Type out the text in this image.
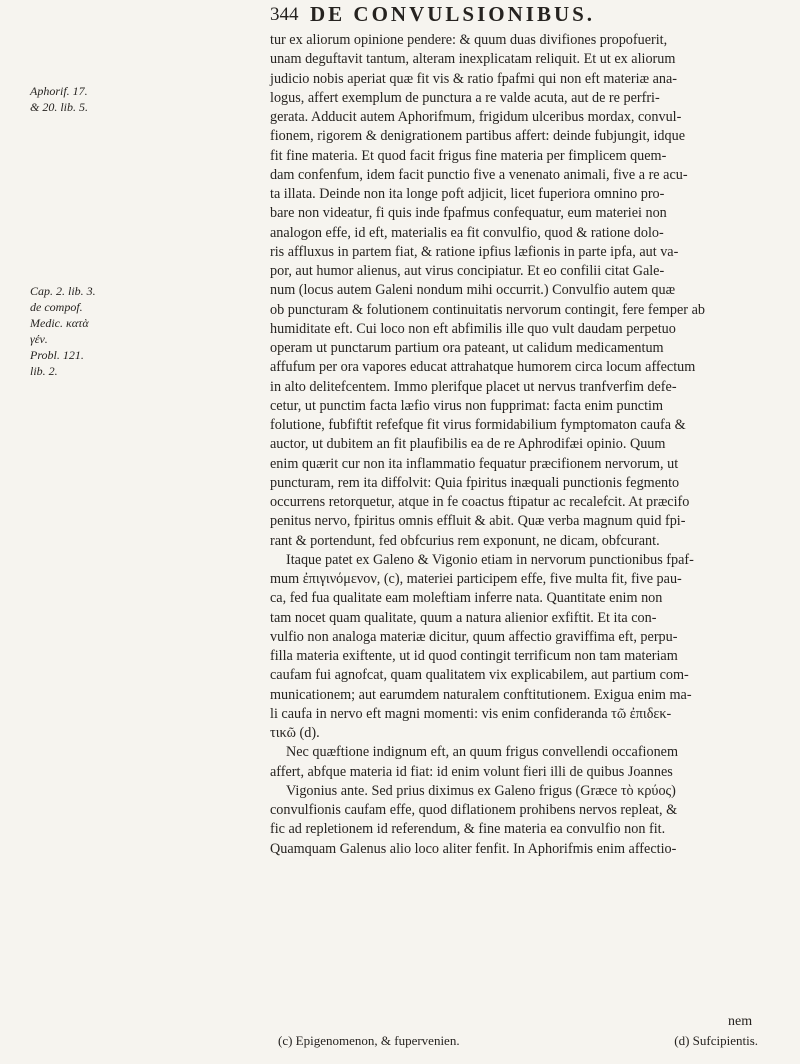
344 DE CONVULSIONIBUS.
Aphorif. 17.
& 20. lib. 5.
Cap. 2. lib. 3.
de compof.
Medic. κατὰ
γέν.
Probl. 121.
lib. 2.
tur ex aliorum opinione pendere: & quum duas divifiones propofuerit,
unam deguftavit tantum, alteram inexplicatam reliquit. Et ut ex aliorum
judicio nobis aperiat quæ fit vis & ratio fpafmi qui non eft materiæ ana-
logus, affert exemplum de punctura a re valde acuta, aut de re perfri-
gerata. Adducit autem Aphorifmum, frigidum ulceribus mordax, convul-
fionem, rigorem & denigrationem partibus affert: deinde fubjungit, idque
fit fine materia. Et quod facit frigus fine materia per fimplicem quem-
dam confenfum, idem facit punctio five a venenato animali, five a re acu-
ta illata. Deinde non ita longe poft adjicit, licet fuperiora omnino pro-
bare non videatur, fi quis inde fpafmus confequatur, eum materiei non
analogon effe, id eft, materialis ea fit convulfio, quod & ratione dolo-
ris affluxus in partem fiat, & ratione ipfius læfionis in parte ipfa, aut va-
por, aut humor alienus, aut virus concipiatur. Et eo confilii citat Gale-
num (locus autem Galeni nondum mihi occurrit.) Convulfio autem quæ
ob puncturam & folutionem continuitatis nervorum contingit, fere femper ab
humiditate eft. Cui loco non eft abfimilis ille quo vult daudam perpetuo
operam ut punctarum partium ora pateant, ut calidum medicamentum
affufum per ora vapores educat attrahatque humorem circa locum affectum
in alto delitefcentem. Immo plerifque placet ut nervus tranfverfim defe-
cetur, ut punctim facta læfio virus non fupprimat: facta enim punctim
folutione, fubfiftit refefque fit virus formidabilium fymptomaton caufa &
auctor, ut dubitem an fit plaufibilis ea de re Aphrodifæi opinio. Quum
enim quærit cur non ita inflammatio fequatur præcifionem nervorum, ut
puncturam, rem ita diffolvit: Quia fpiritus inæquali punctionis fegmento
occurrens retorquetur, atque in fe coactus ftipatur ac recalefcit. At præcifo
penitus nervo, fpiritus omnis effluit & abit. Quæ verba magnum quid fpi-
rant & portendunt, fed obfcurius rem exponunt, ne dicam, obfcurant.
Itaque patet ex Galeno & Vigonio etiam in nervorum punctionibus fpaf-
mum ἐπιγινόμενον, (c), materiei participem effe, five multa fit, five pau-
ca, fed fua qualitate eam moleftiam inferre nata. Quantitate enim non
tam nocet quam qualitate, quum a natura alienior exfiftit. Et ita con-
vulfio non analoga materiæ dicitur, quum affectio graviffima eft, perpu-
filla materia exiftente, ut id quod contingit terrificum non tam materiam
caufam fui agnofcat, quam qualitatem vix explicabilem, aut partium com-
municationem; aut earumdem naturalem conftitutionem. Exigua enim ma-
li caufa in nervo eft magni momenti: vis enim confideranda τῶ ἐπιδεκ-
τικῶ (d).
Nec quæftione indignum eft, an quum frigus convellendi occafionem
affert, abfque materia id fiat: id enim volunt fieri illi de quibus Joannes
Vigonius ante. Sed prius diximus ex Galeno frigus (Græce τὸ κρύος)
convulfionis caufam effe, quod diflationem prohibens nervos repleat, &
fic ad repletionem id referendum, & fine materia ea convulfio non fit.
Quamquam Galenus alio loco aliter fenfit. In Aphorifmis enim affectio-
nem
(c) Epigenomenon, & fupervenien.	(d) Sufcipientis.
